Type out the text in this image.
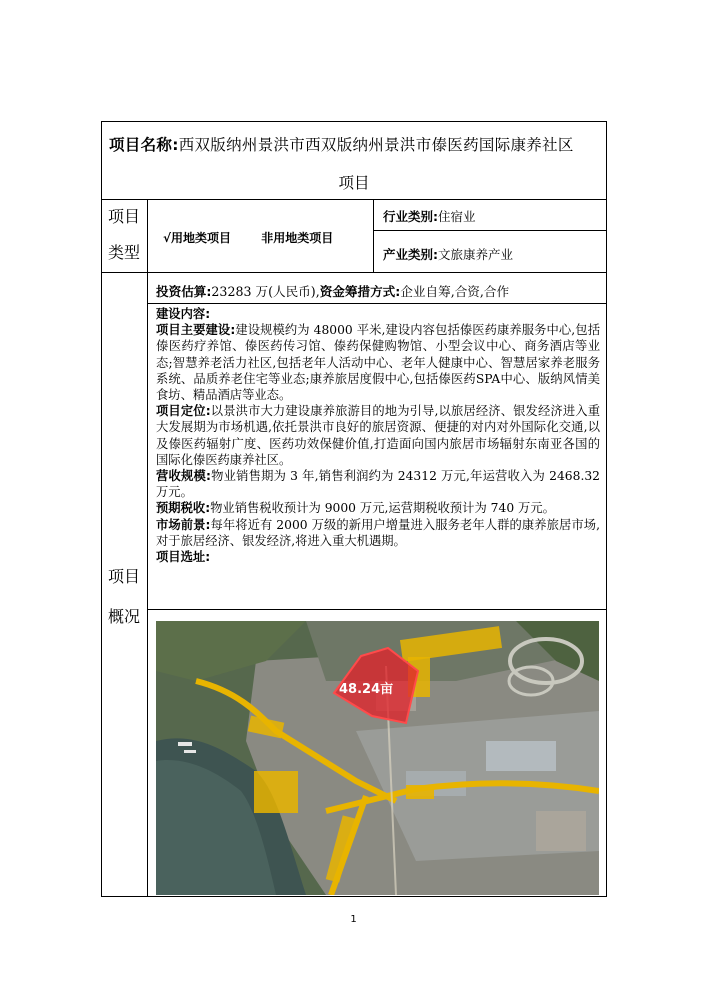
项目名称:西双版纳州景洪市西双版纳州景洪市傣医药国际康养社区
项目
项目
类型
√用地类项目	非用地类项目
行业类别:住宿业
产业类别:文旅康养产业
项目
概况
投资估算:23283 万(人民币),资金筹措方式:企业自筹,合资,合作

建设内容:

项目主要建设:建设规模约为 48000 平米,建设内容包括傣医药康养服务中心,包括傣医药疗养馆、傣医药传习馆、傣药保健购物馆、小型会议中心、商务酒店等业态;智慧养老活力社区,包括老年人活动中心、老年人健康中心、智慧居家养老服务系统、品质养老住宅等业态;康养旅居度假中心,包括傣医药SPA中心、版纳风情美食坊、精品酒店等业态。

项目定位:以景洪市大力建设康养旅游目的地为引导,以旅居经济、银发经济进入重大发展期为市场机遇,依托景洪市良好的旅居资源、便捷的对内对外国际化交通,以及傣医药辐射广度、医药功效保健价值,打造面向国内旅居市场辐射东南亚各国的国际化傣医药康养社区。

营收规模:物业销售期为 3 年,销售利润约为 24312 万元,年运营收入为 2468.32 万元。

预期税收:物业销售税收预计为 9000 万元,运营期税收预计为 740 万元。

市场前景:每年将近有 2000 万级的新用户增量进入服务老年人群的康养旅居市场,对于旅居经济、银发经济,将进入重大机遇期。

项目选址:

48.24亩
1
